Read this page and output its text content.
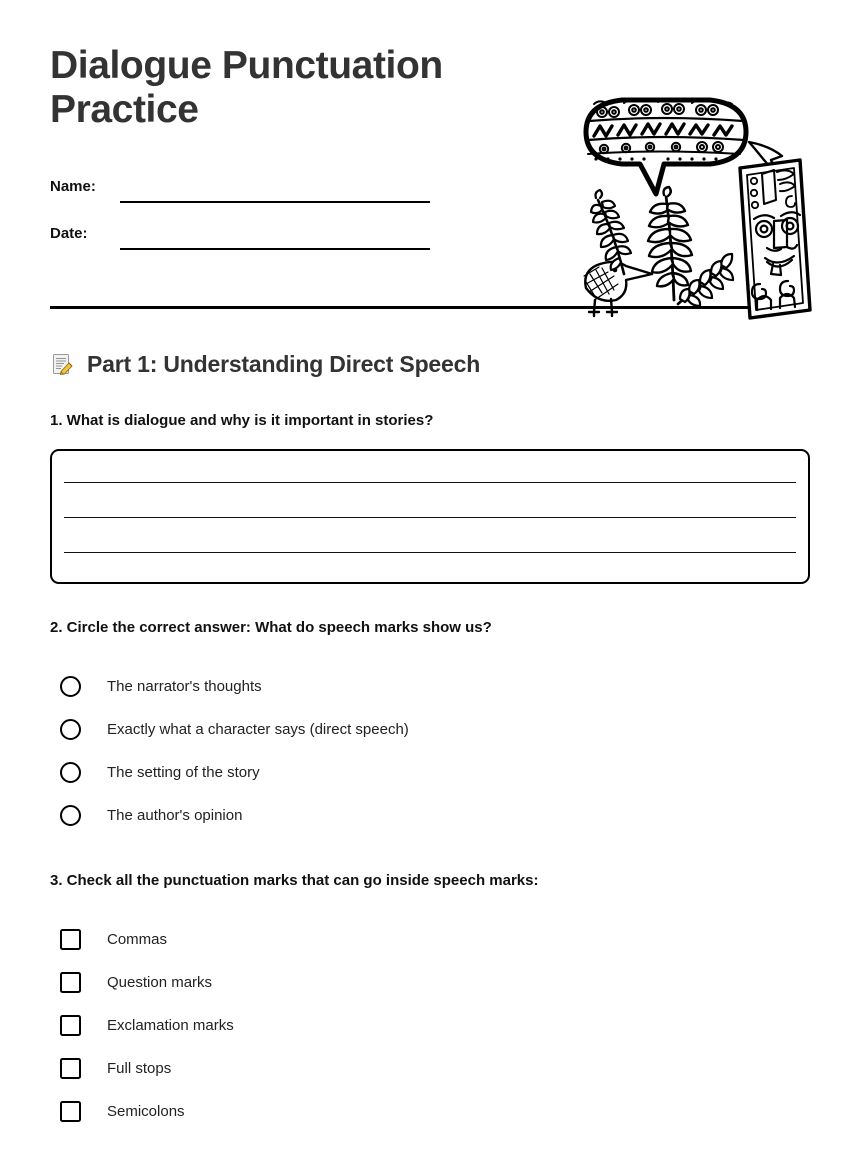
Dialogue Punctuation Practice
Name:
Date:
Part 1: Understanding Direct Speech
1. What is dialogue and why is it important in stories?
2. Circle the correct answer: What do speech marks show us?
The narrator's thoughts
Exactly what a character says (direct speech)
The setting of the story
The author's opinion
3. Check all the punctuation marks that can go inside speech marks:
Commas
Question marks
Exclamation marks
Full stops
Semicolons
